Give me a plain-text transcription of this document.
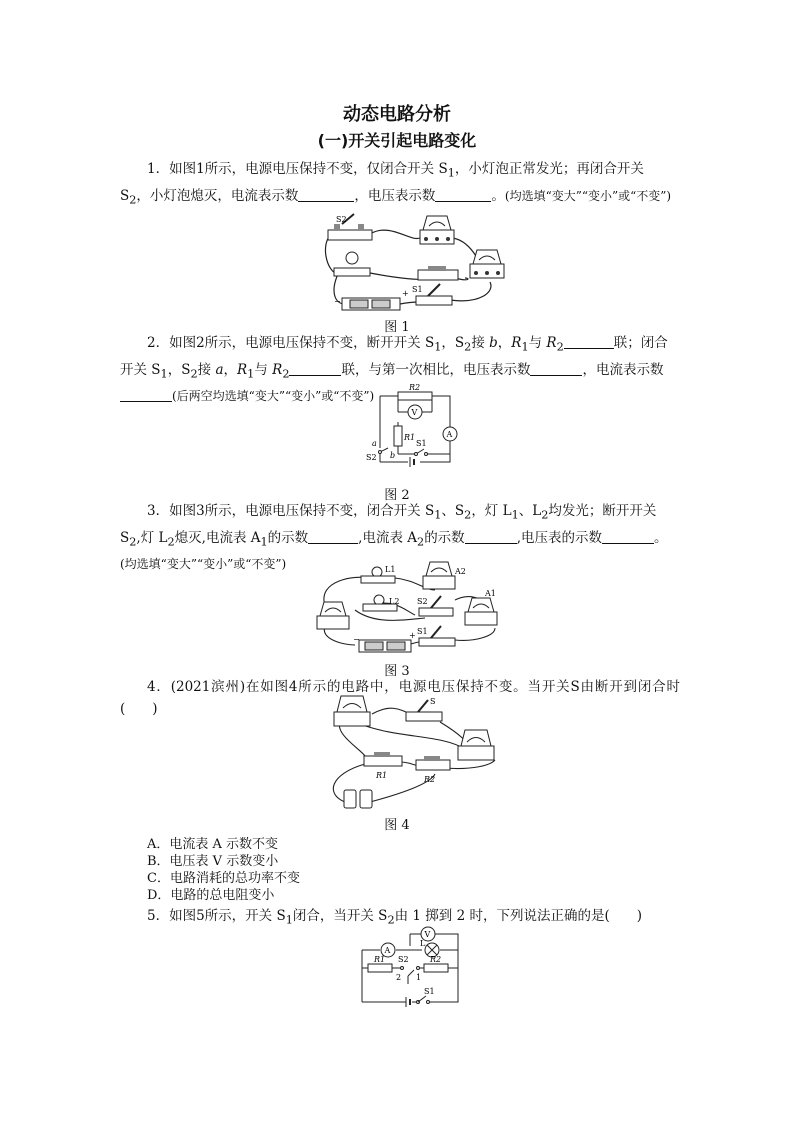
动态电路分析
(一)开关引起电路变化
1．如图1所示，电源电压保持不变，仅闭合开关 $S_1$，小灯泡正常发光；再闭合开关
$S_2$，小灯泡熄灭，电流表示数	，电压表示数	。(均选填“变大”“变小”或“不变”)
S2
−
+ S1
图 1
2．如图2所示，电源电压保持不变，断开开关 $S_1$，$S_2$接 b，$R_1$与 $R_2$	联；闭合
开关 $S_1$，$S_2$接 a，$R_1$与 $R_2$	联，与第一次相比，电压表示数	，电流表示数
(后两空均选填“变大”“变小”或“不变”)
R2
V
A
R1
a
S2 b
S1
图 2
3．如图3所示，电源电压保持不变，闭合开关 $S_1$、$S_2$，灯 $L_1$、$L_2$均发光；断开开关
$S_2$,灯 $L_2$熄灭,电流表 $A_1$的示数	,电流表 $A_2$的示数	,电压表的示数	。
(均选填“变大”“变小”或“不变”)	L1	A2
L2 S2
A1
−	+ S1
图 3
4．(2021滨州)在如图4所示的电路中，电源电压保持不变。当开关S由断开到闭合时(　　)	S
R1	R2
图 4
A．电流表 A 示数不变
B．电压表 V 示数变小
C．电路消耗的总功率不变
D．电路的总电阻变小
5．如图5所示，开关 $S_1$闭合，当开关 $S_2$由 1 掷到 2 时，下列说法正确的是(　　)
V
A
L
R1 S2	R2
1
2
S1
